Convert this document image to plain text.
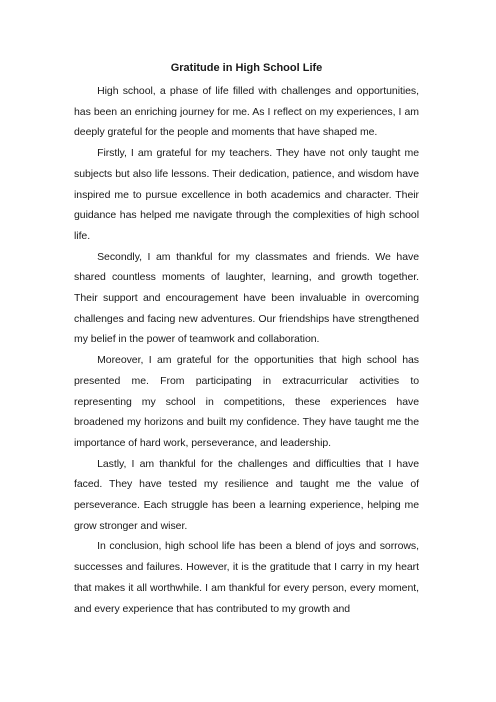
Gratitude in High School Life

High school, a phase of life filled with challenges and opportunities, has been an enriching journey for me. As I reflect on my experiences, I am deeply grateful for the people and moments that have shaped me.

Firstly, I am grateful for my teachers. They have not only taught me subjects but also life lessons. Their dedication, patience, and wisdom have inspired me to pursue excellence in both academics and character. Their guidance has helped me navigate through the complexities of high school life.

Secondly, I am thankful for my classmates and friends. We have shared countless moments of laughter, learning, and growth together. Their support and encouragement have been invaluable in overcoming challenges and facing new adventures. Our friendships have strengthened my belief in the power of teamwork and collaboration.

Moreover, I am grateful for the opportunities that high school has presented me. From participating in extracurricular activities to representing my school in competitions, these experiences have broadened my horizons and built my confidence. They have taught me the importance of hard work, perseverance, and leadership.

Lastly, I am thankful for the challenges and difficulties that I have faced. They have tested my resilience and taught me the value of perseverance. Each struggle has been a learning experience, helping me grow stronger and wiser.

In conclusion, high school life has been a blend of joys and sorrows, successes and failures. However, it is the gratitude that I carry in my heart that makes it all worthwhile. I am thankful for every person, every moment, and every experience that has contributed to my growth and
